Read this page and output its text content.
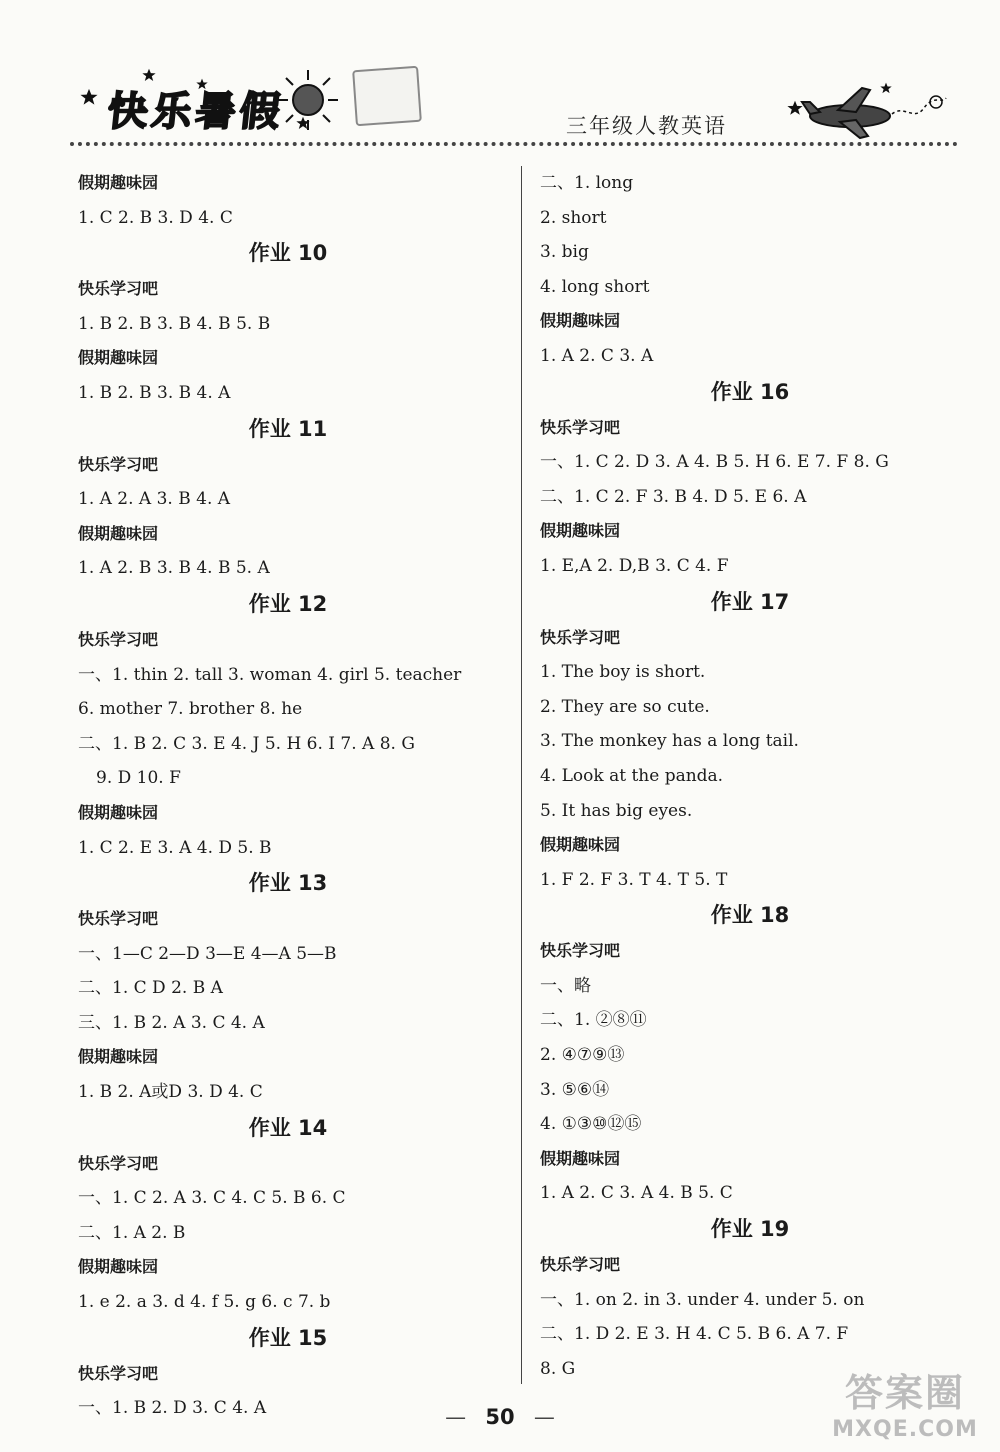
快乐暑假	三年级人教英语
假期趣味园
1. C 2. B 3. D 4. C
作业 10
快乐学习吧
1. B 2. B 3. B 4. B 5. B
假期趣味园
1. B 2. B 3. B 4. A
作业 11
快乐学习吧
1. A 2. A 3. B 4. A
假期趣味园
1. A 2. B 3. B 4. B 5. A
作业 12
快乐学习吧
一、1. thin 2. tall 3. woman 4. girl 5. teacher
6. mother 7. brother 8. he
二、1. B 2. C 3. E 4. J 5. H 6. I 7. A 8. G
9. D 10. F
假期趣味园
1. C 2. E 3. A 4. D 5. B
作业 13
快乐学习吧
一、1—C 2—D 3—E 4—A 5—B
二、1. C D 2. B A
三、1. B 2. A 3. C 4. A
假期趣味园
1. B 2. A或D 3. D 4. C
作业 14
快乐学习吧
一、1. C 2. A 3. C 4. C 5. B 6. C
二、1. A 2. B
假期趣味园
1. e 2. a 3. d 4. f 5. g 6. c 7. b
作业 15
快乐学习吧
一、1. B 2. D 3. C 4. A
二、1. long
2. short
3. big
4. long short
假期趣味园
1. A 2. C 3. A
作业 16
快乐学习吧
一、1. C 2. D 3. A 4. B 5. H 6. E 7. F 8. G
二、1. C 2. F 3. B 4. D 5. E 6. A
假期趣味园
1. E,A 2. D,B 3. C 4. F
作业 17
快乐学习吧
1. The boy is short.
2. They are so cute.
3. The monkey has a long tail.
4. Look at the panda.
5. It has big eyes.
假期趣味园
1. F 2. F 3. T 4. T 5. T
作业 18
快乐学习吧
一、略
二、1. ②⑧⑪
2. ④⑦⑨⑬
3. ⑤⑥⑭
4. ①③⑩⑫⑮
假期趣味园
1. A 2. C 3. A 4. B 5. C
作业 19
快乐学习吧
一、1. on 2. in 3. under 4. under 5. on
二、1. D 2. E 3. H 4. C 5. B 6. A 7. F
8. G
— 50 —
答案圈
MXQE.COM
